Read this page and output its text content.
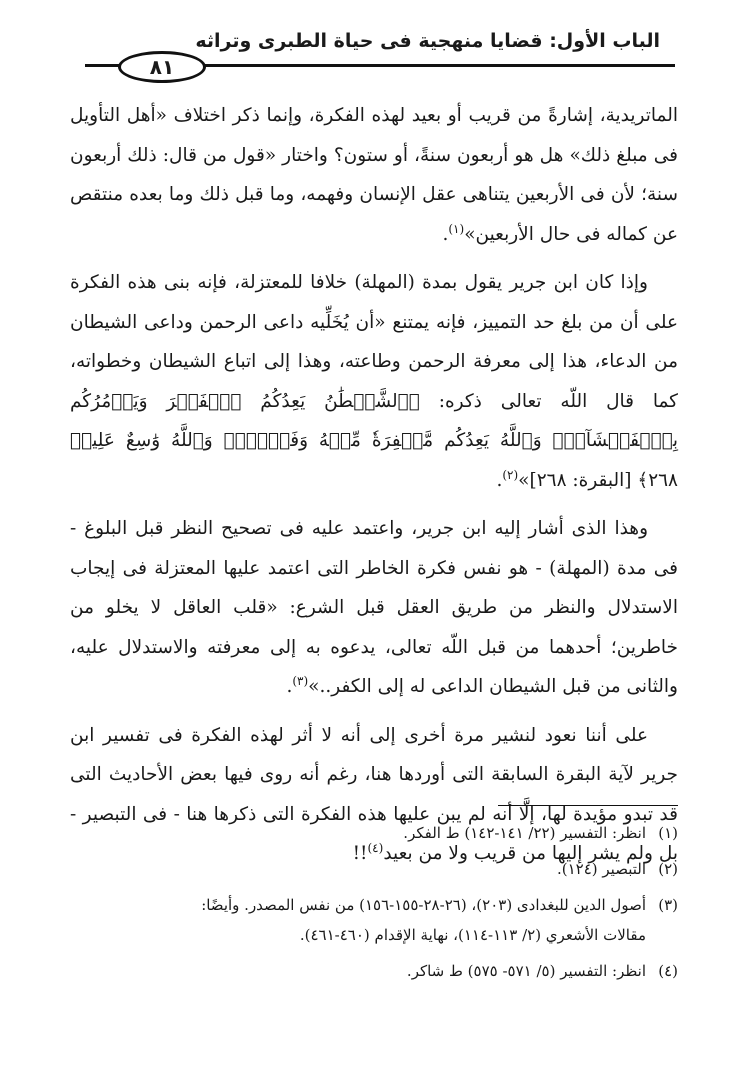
الباب الأول: قضايا منهجية فى حياة الطبرى وتراثه
٨١

الماتريدية، إشارةً من قريب أو بعيد لهذه الفكرة، وإنما ذكر اختلاف «أهل التأويل فى مبلغ ذلك» هل هو أربعون سنةً، أو ستون؟ واختار «قول من قال: ذلك أربعون سنة؛ لأن فى الأربعين يتناهى عقل الإنسان وفهمه، وما قبل ذلك وما بعده منتقص عن كماله فى حال الأربعين»$^{(١)}$.

وإذا كان ابن جرير يقول بمدة (المهلة) خلافا للمعتزلة، فإنه بنى هذه الفكرة على أن من بلغ حد التمييز، فإنه يمتنع «أن يُخَلِّيه داعى الرحمن وداعى الشيطان من الدعاء، هذا إلى معرفة الرحمن وطاعته، وهذا إلى اتباع الشيطان وخطواته، كما قال اللّه تعالى ذكره: ﴿ٱلشَّيۡطَٰنُ يَعِدُكُمُ ٱلۡفَقۡرَ وَيَأۡمُرُكُم بِٱلۡفَحۡشَآءِۖ وَٱللَّهُ يَعِدُكُم مَّغۡفِرَةٗ مِّنۡهُ وَفَضۡلٗاۗ وَٱللَّهُ وَٰسِعٌ عَلِيمٞ ٢٦٨﴾ [البقرة: ٢٦٨]»$^{(٢)}$.

وهذا الذى أشار إليه ابن جرير، واعتمد عليه فى تصحيح النظر قبل البلوغ - فى مدة (المهلة) - هو نفس فكرة الخاطر التى اعتمد عليها المعتزلة فى إيجاب الاستدلال والنظر من طريق العقل قبل الشرع: «قلب العاقل لا يخلو من خاطرين؛ أحدهما من قبل اللّه تعالى، يدعوه به إلى معرفته والاستدلال عليه، والثانى من قبل الشيطان الداعى له إلى الكفر..»$^{(٣)}$.

على أننا نعود لنشير مرة أخرى إلى أنه لا أثر لهذه الفكرة فى تفسير ابن جرير لآية البقرة السابقة التى أوردها هنا، رغم أنه روى فيها بعض الأحاديث التى قد تبدو مؤيدة لها، إلَّا أنه لم يبن عليها هذه الفكرة التى ذكرها هنا - فى التبصير - بل ولم يشر إليها من قريب ولا من بعيد$^{(٤)}$!!

(١)انظر: التفسير (٢٢/ ١٤١-١٤٢) ط الفكر.
(٢)التبصير (١٢٤).
(٣)أصول الدين للبغدادى (٢٠٣)، (٢٦-٢٨-١٥٥-١٥٦) من نفس المصدر. وأيضًا:
مقالات الأشعري (٢/ ١١٣-١١٤)، نهاية الإقدام (٤٦٠-٤٦١).
(٤)انظر: التفسير (٥/ ٥٧١- ٥٧٥) ط شاكر.
